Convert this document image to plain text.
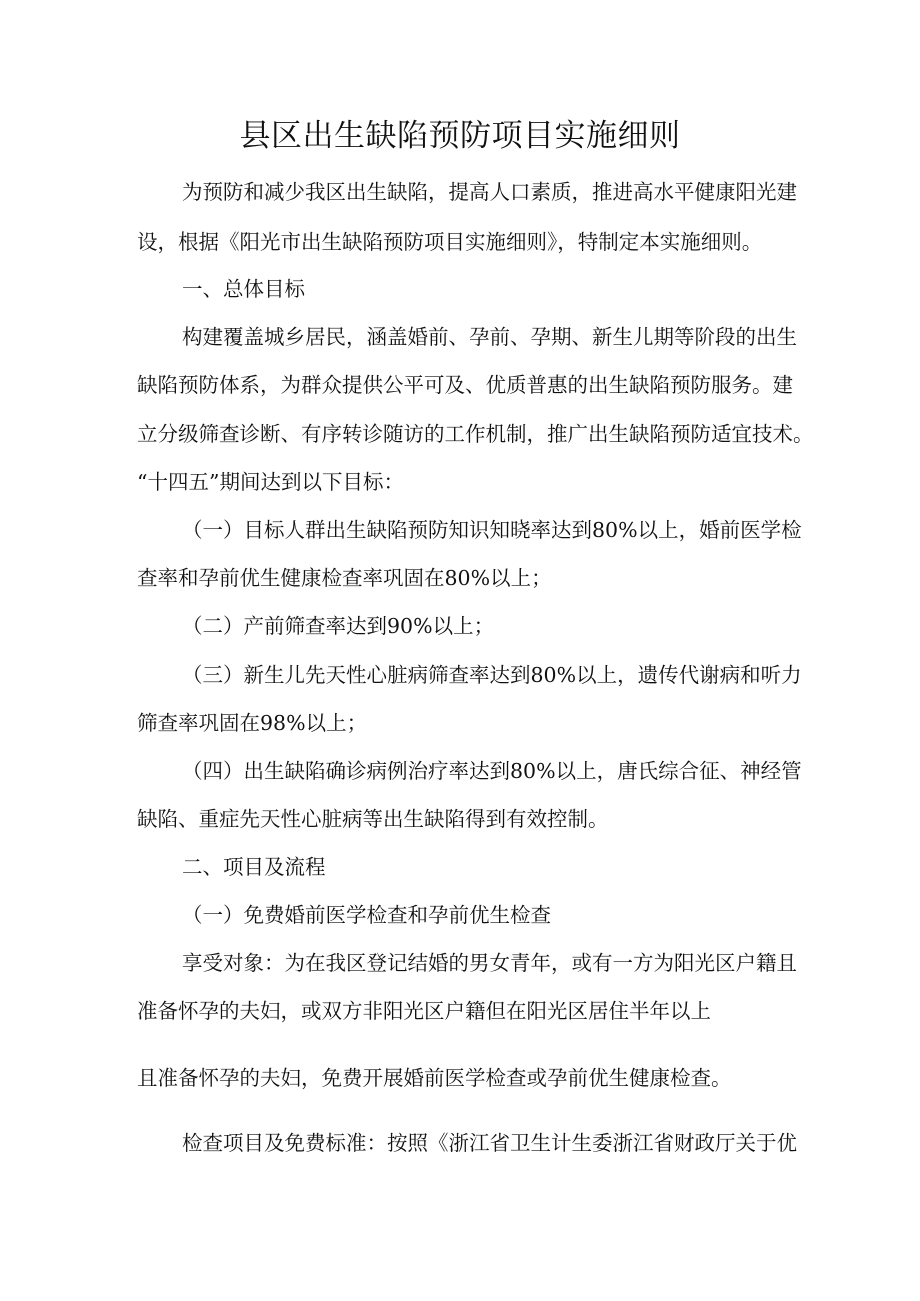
县区出生缺陷预防项目实施细则
为预防和减少我区出生缺陷，提高人口素质，推进高水平健康阳光建
设，根据《阳光市出生缺陷预防项目实施细则》，特制定本实施细则。
一、总体目标
构建覆盖城乡居民，涵盖婚前、孕前、孕期、新生儿期等阶段的出生
缺陷预防体系，为群众提供公平可及、优质普惠的出生缺陷预防服务。建
立分级筛查诊断、有序转诊随访的工作机制，推广出生缺陷预防适宜技术。
“十四五”期间达到以下目标：
（一）目标人群出生缺陷预防知识知晓率达到80%以上，婚前医学检
查率和孕前优生健康检查率巩固在80%以上；
（二）产前筛查率达到90%以上；
（三）新生儿先天性心脏病筛查率达到80%以上，遗传代谢病和听力
筛查率巩固在98%以上；
（四）出生缺陷确诊病例治疗率达到80%以上，唐氏综合征、神经管
缺陷、重症先天性心脏病等出生缺陷得到有效控制。
二、项目及流程
（一）免费婚前医学检查和孕前优生检查
享受对象：为在我区登记结婚的男女青年，或有一方为阳光区户籍且
准备怀孕的夫妇，或双方非阳光区户籍但在阳光区居住半年以上
且准备怀孕的夫妇，免费开展婚前医学检查或孕前优生健康检查。
检查项目及免费标准：按照《浙江省卫生计生委浙江省财政厅关于优
